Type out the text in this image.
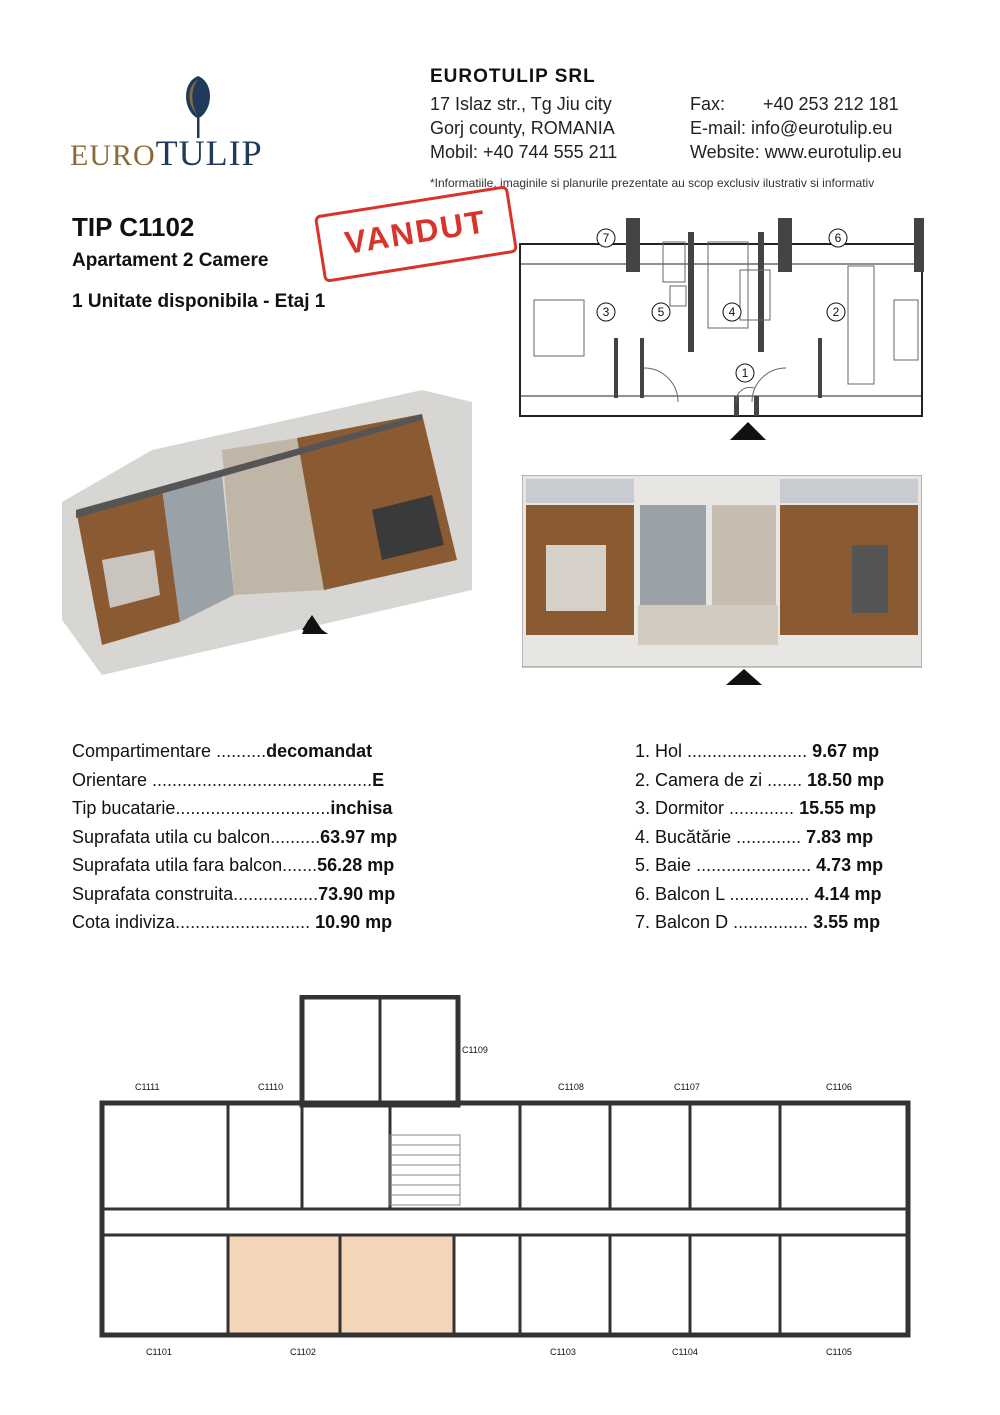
EUROTULIP
EUROTULIP SRL
17 Islaz str., Tg Jiu city
Gorj county, ROMANIA
Mobil: +40 744 555 211
Fax: +40 253 212 181
E-mail: info@eurotulip.eu
Website: www.eurotulip.eu
*Informatiile, imaginile si planurile prezentate au scop exclusiv ilustrativ si informativ
TIP C1102
Apartament 2 Camere
1 Unitate disponibila - Etaj 1
VANDUT	7	6
3	5	4	2
1
Compartimentare ..........decomandat
Orientare ............................................E
Tip bucatarie...............................inchisa
Suprafata utila cu balcon..........63.97 mp
Suprafata utila fara balcon.......56.28 mp
Suprafata construita.................73.90 mp
Cota indiviza........................... 10.90 mp
1. Hol ........................ 9.67 mp
2. Camera de zi ....... 18.50 mp
3. Dormitor ............. 15.55 mp
4. Bucătărie ............. 7.83 mp
5. Baie ....................... 4.73 mp
6. Balcon L ................ 4.14 mp
7. Balcon D ............... 3.55 mp
C1111	C1110
C1109
C1108	C1107	C1106
C1101	C1102	C1103	C1104	C1105
